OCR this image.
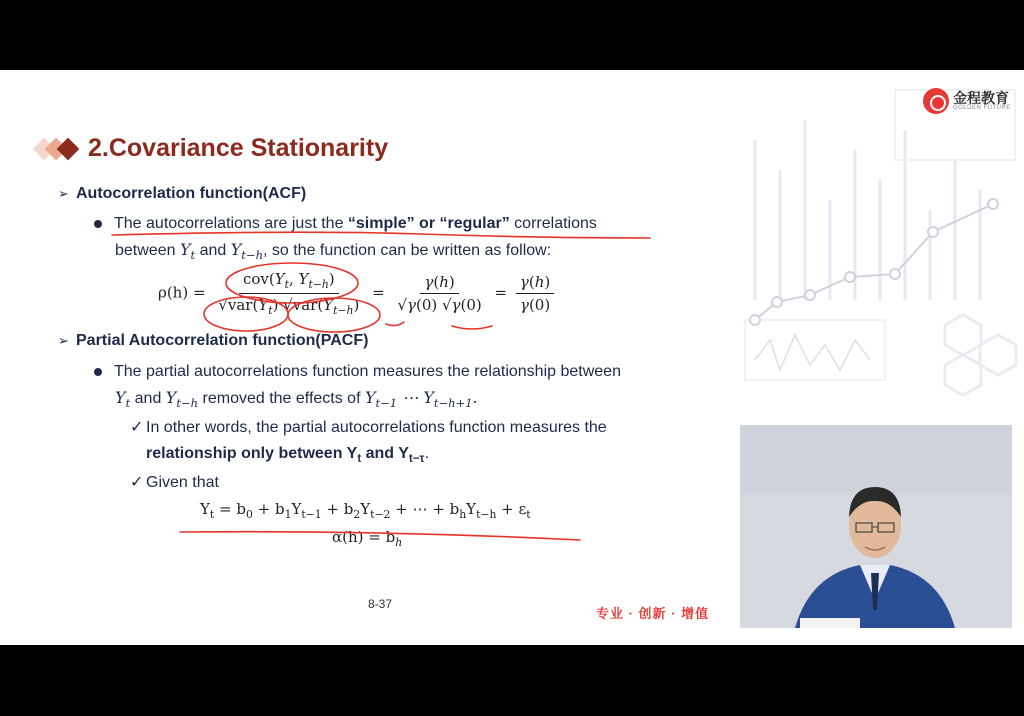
金程教育
GOLDEN FUTURE
2.Covariance Stationarity
➢ Autocorrelation function(ACF)
The autocorrelations are just the “simple” or “regular” correlations
between $Y_t$ and $Y_{t-h}$, so the function can be written as follow:
$\rho(h) = \frac{cov(Y_t, Y_{t-h})}{√var(Y_t) √var(Y_{t-h})} = \frac{\gamma(h)}{√\gamma(0) √\gamma(0)} = \frac{\gamma(h)}{\gamma(0)}$
➢ Partial Autocorrelation function(PACF)
The partial autocorrelations function measures the relationship between
$Y_t$ and $Y_{t-h}$ removed the effects of $Y_{t-1}$ ⋯ $Y_{t-h+1}$.
✓ In other words, the partial autocorrelations function measures the
relationship only between $Y_t$ and $Y_{t-\tau}$.
✓ Given that
$Y_t = b_0 + b_1Y_{t-1} + b_2Y_{t-2}$ + ⋯ + $b_hY_{t-h} + \varepsilon_t$
$\alpha(h) = b_h$
8-37
专业 · 创新 · 增值
